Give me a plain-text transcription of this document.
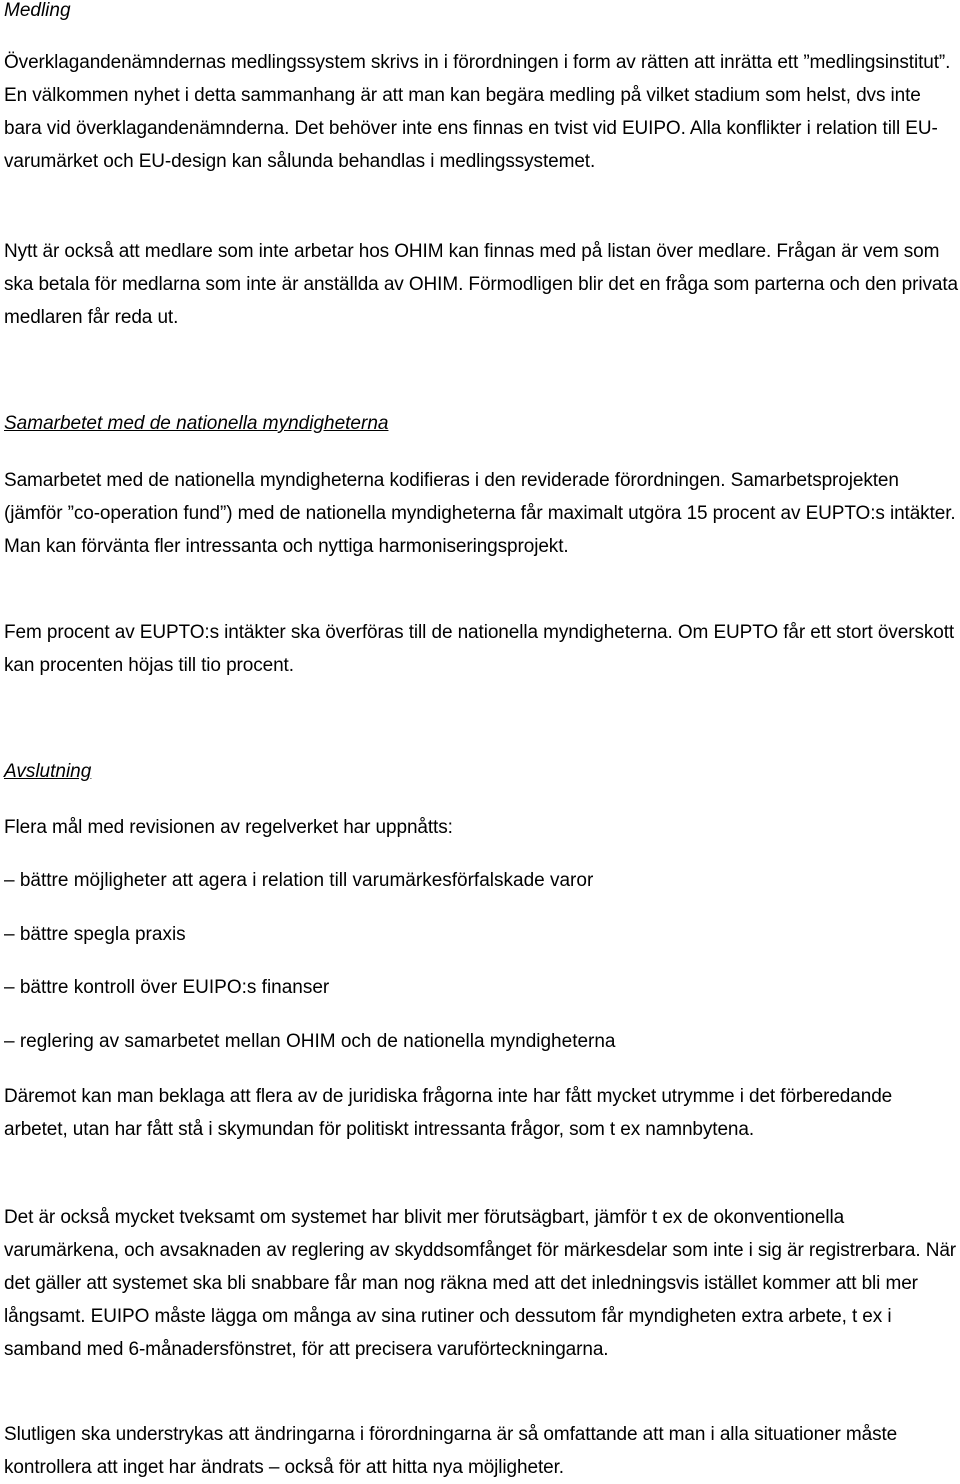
Medling

Överklagandenämndernas medlingssystem skrivs in i förordningen i form av rätten att inrätta ett ”medlingsinstitut”. En välkommen nyhet i detta sammanhang är att man kan begära medling på vilket stadium som helst, dvs inte bara vid överklagandenämnderna. Det behöver inte ens finnas en tvist vid EUIPO. Alla konflikter i relation till EU-varumärket och EU-design kan sålunda behandlas i medlingssystemet.

Nytt är också att medlare som inte arbetar hos OHIM kan finnas med på listan över medlare. Frågan är vem som ska betala för medlarna som inte är anställda av OHIM. Förmodligen blir det en fråga som parterna och den privata medlaren får reda ut.

Samarbetet med de nationella myndigheterna

Samarbetet med de nationella myndigheterna kodifieras i den reviderade förordningen. Samarbetsprojekten (jämför ”co-operation fund”) med de nationella myndigheterna får maximalt utgöra 15 procent av EUPTO:s intäkter. Man kan förvänta fler intressanta och nyttiga harmoniseringsprojekt.

Fem procent av EUPTO:s intäkter ska överföras till de nationella myndigheterna. Om EUPTO får ett stort överskott kan procenten höjas till tio procent.

Avslutning

Flera mål med revisionen av regelverket har uppnåtts:

– bättre möjligheter att agera i relation till varumärkesförfalskade varor

– bättre spegla praxis

– bättre kontroll över EUIPO:s finanser

– reglering av samarbetet mellan OHIM och de nationella myndigheterna

Däremot kan man beklaga att flera av de juridiska frågorna inte har fått mycket utrymme i det förberedande arbetet, utan har fått stå i skymundan för politiskt intressanta frågor, som t ex namnbytena.

Det är också mycket tveksamt om systemet har blivit mer förutsägbart, jämför t ex de okonventionella varumärkena, och avsaknaden av reglering av skyddsomfånget för märkesdelar som inte i sig är registrerbara. När det gäller att systemet ska bli snabbare får man nog räkna med att det inledningsvis istället kommer att bli mer långsamt. EUIPO måste lägga om många av sina rutiner och dessutom får myndigheten extra arbete, t ex i samband med 6-månadersfönstret, för att precisera varuförteckningarna.

Slutligen ska understrykas att ändringarna i förordningarna är så omfattande att man i alla situationer måste kontrollera att inget har ändrats – också för att hitta nya möjligheter.
